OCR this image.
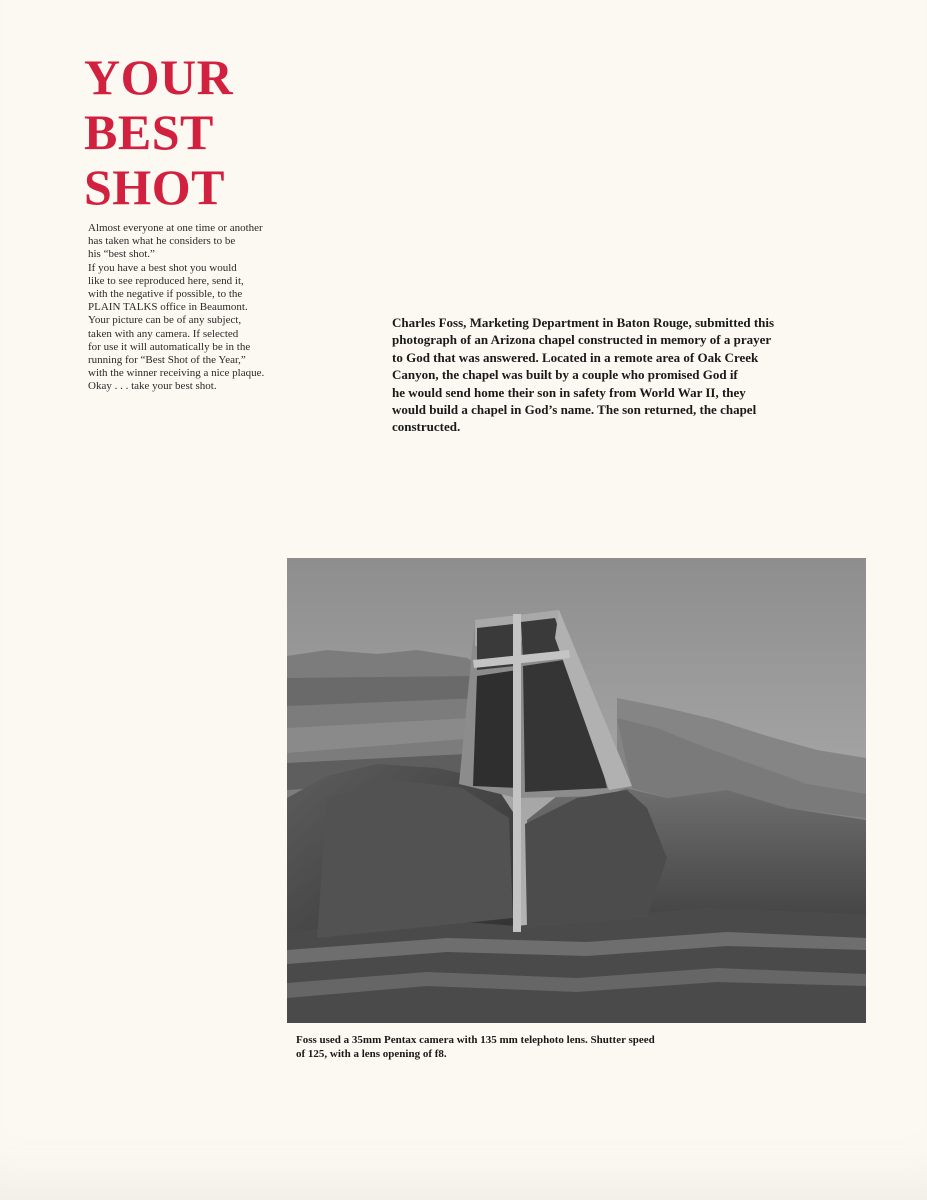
YOUR
BEST
SHOT
Almost everyone at one time or another
has taken what he considers to be
his “best shot.”
If you have a best shot you would
like to see reproduced here, send it,
with the negative if possible, to the
PLAIN TALKS office in Beaumont.
Your picture can be of any subject,
taken with any camera. If selected
for use it will automatically be in the
running for “Best Shot of the Year,”
with the winner receiving a nice plaque.
Okay . . . take your best shot.
Charles Foss, Marketing Department in Baton Rouge, submitted this
photograph of an Arizona chapel constructed in memory of a prayer
to God that was answered. Located in a remote area of Oak Creek
Canyon, the chapel was built by a couple who promised God if
he would send home their son in safety from World War II, they
would build a chapel in God’s name. The son returned, the chapel
constructed.
Foss used a 35mm Pentax camera with 135 mm telephoto lens. Shutter speed
of 125, with a lens opening of f8.
